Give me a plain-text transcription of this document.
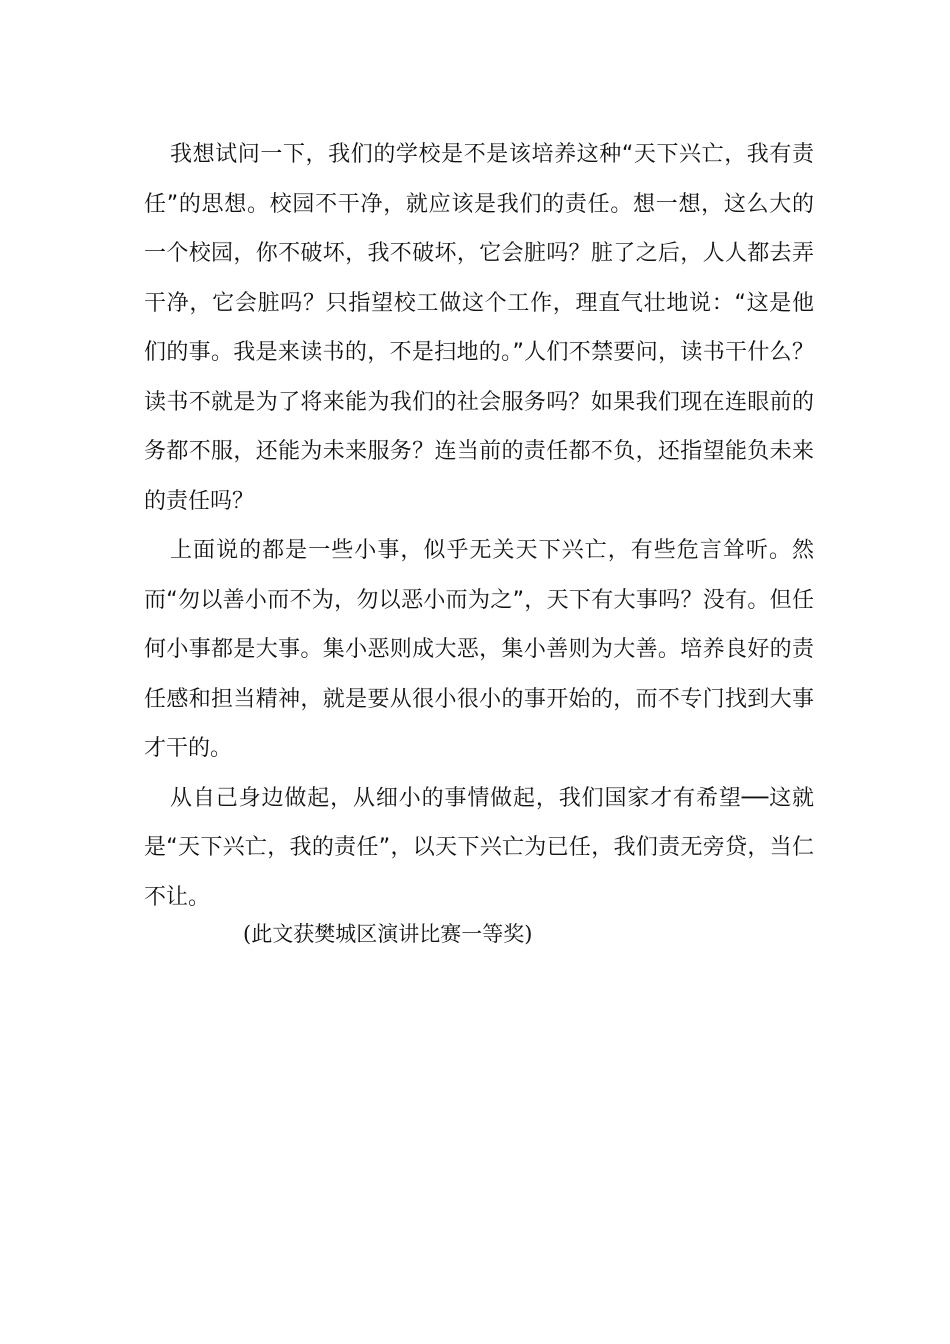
我想试问一下，我们的学校是不是该培养这种“天下兴亡，我有责任”的思想。校园不干净，就应该是我们的责任。想一想，这么大的一个校园，你不破坏，我不破坏，它会脏吗？脏了之后，人人都去弄干净，它会脏吗？只指望校工做这个工作，理直气壮地说：“这是他们的事。我是来读书的，不是扫地的。”人们不禁要问，读书干什么？读书不就是为了将来能为我们的社会服务吗？如果我们现在连眼前的务都不服，还能为未来服务？连当前的责任都不负，还指望能负未来的责任吗？

上面说的都是一些小事，似乎无关天下兴亡，有些危言耸听。然而“勿以善小而不为，勿以恶小而为之”，天下有大事吗？没有。但任何小事都是大事。集小恶则成大恶，集小善则为大善。培养良好的责任感和担当精神，就是要从很小很小的事开始的，而不专门找到大事才干的。

从自己身边做起，从细小的事情做起，我们国家才有希望──这就是“天下兴亡，我的责任”，以天下兴亡为已任，我们责无旁贷，当仁不让。

(此文获樊城区演讲比赛一等奖)
